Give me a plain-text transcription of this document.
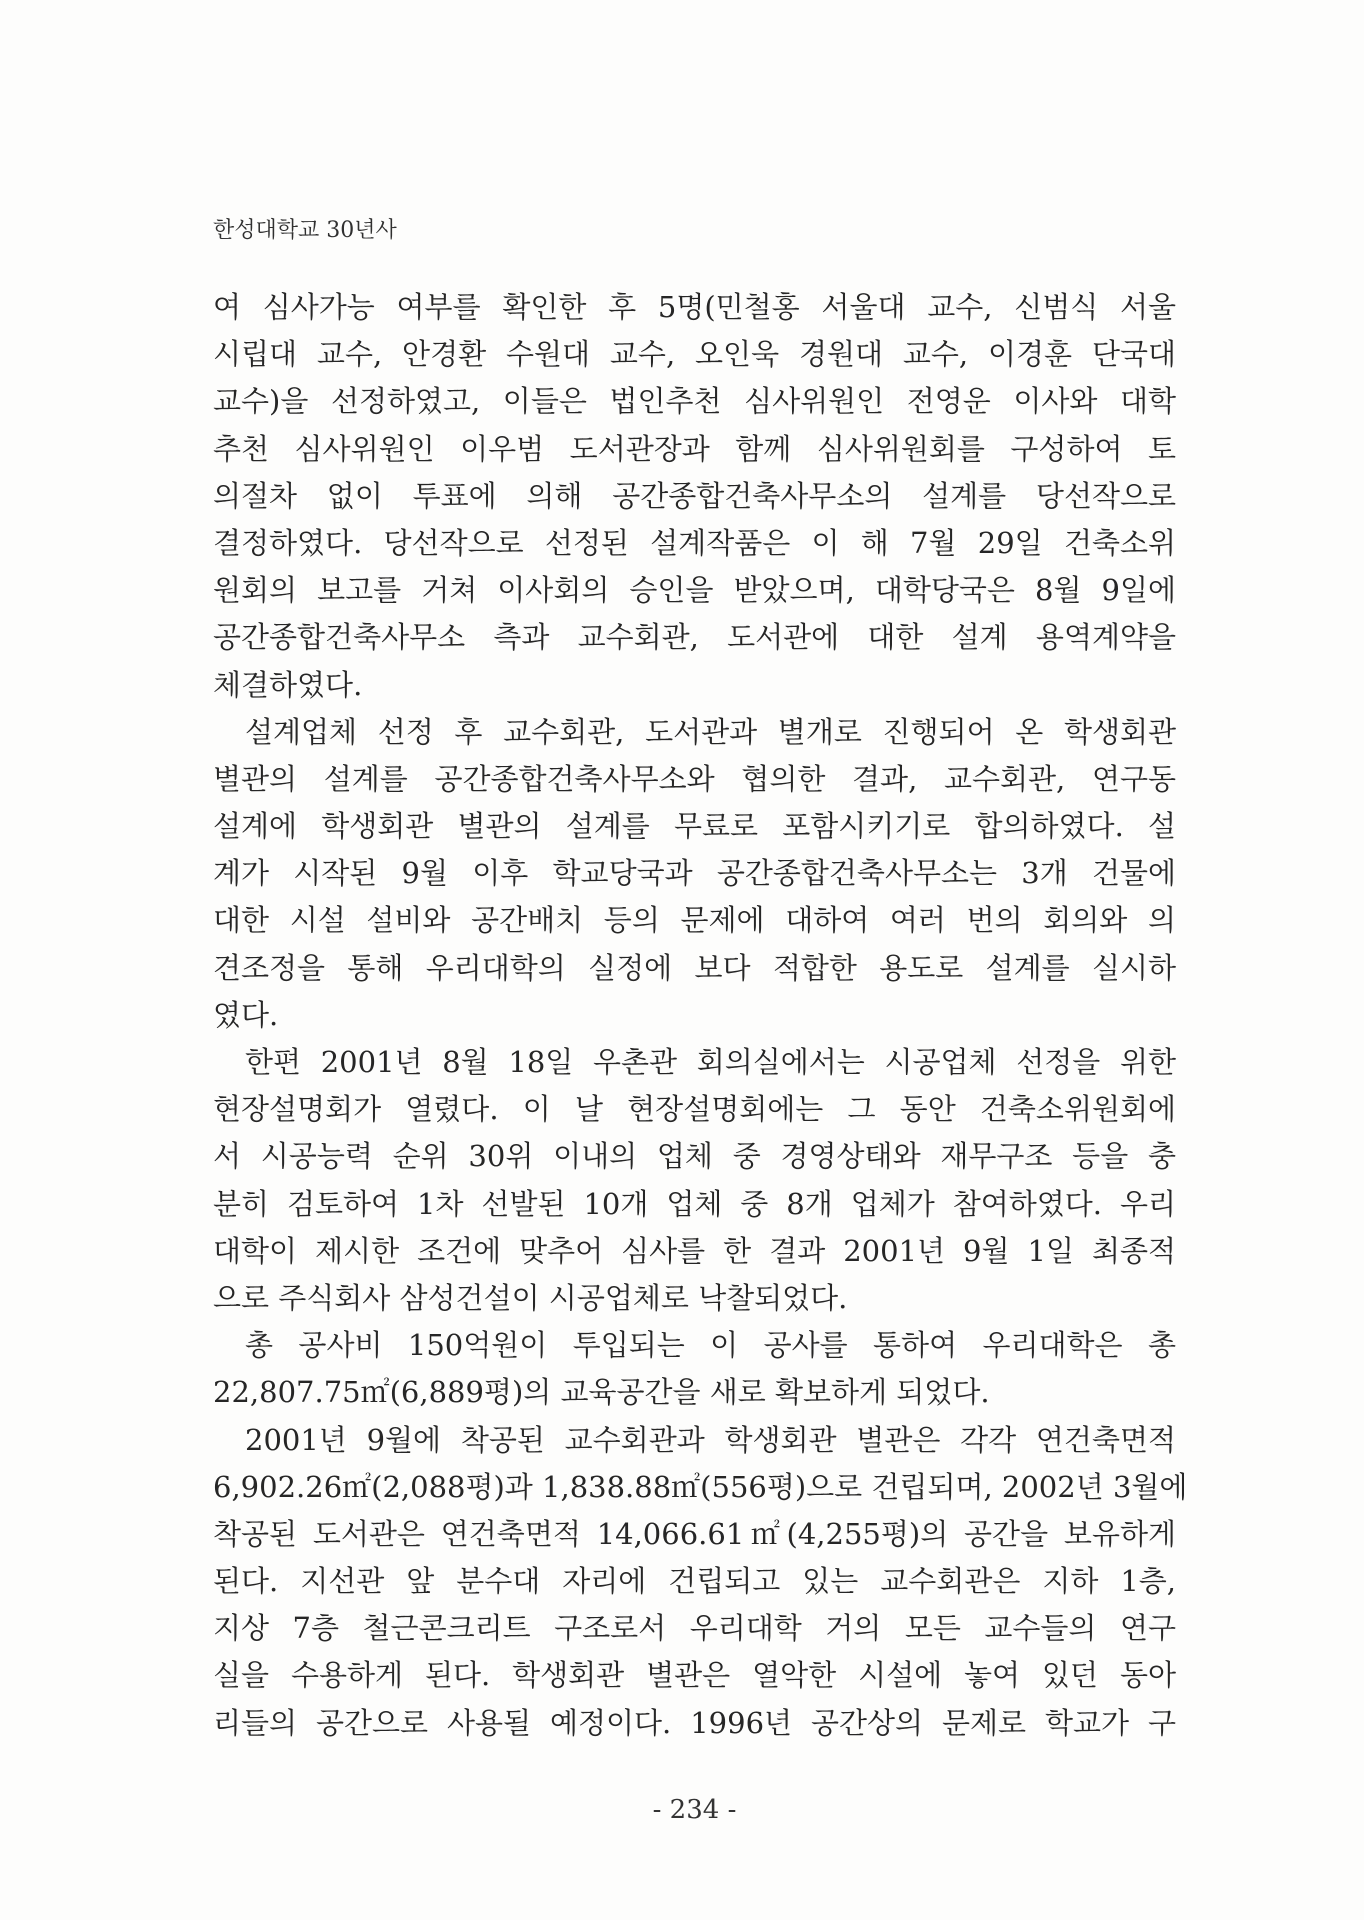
한성대학교 30년사
여 심사가능 여부를 확인한 후 5명(민철홍 서울대 교수, 신범식 서울
시립대 교수, 안경환 수원대 교수, 오인욱 경원대 교수, 이경훈 단국대
교수)을 선정하였고, 이들은 법인추천 심사위원인 전영운 이사와 대학
추천 심사위원인 이우범 도서관장과 함께 심사위원회를 구성하여 토
의절차 없이 투표에 의해 공간종합건축사무소의 설계를 당선작으로
결정하였다. 당선작으로 선정된 설계작품은 이 해 7월 29일 건축소위
원회의 보고를 거쳐 이사회의 승인을 받았으며, 대학당국은 8월 9일에
공간종합건축사무소 측과 교수회관, 도서관에 대한 설계 용역계약을
체결하였다.
설계업체 선정 후 교수회관, 도서관과 별개로 진행되어 온 학생회관
별관의 설계를 공간종합건축사무소와 협의한 결과, 교수회관, 연구동
설계에 학생회관 별관의 설계를 무료로 포함시키기로 합의하였다. 설
계가 시작된 9월 이후 학교당국과 공간종합건축사무소는 3개 건물에
대한 시설 설비와 공간배치 등의 문제에 대하여 여러 번의 회의와 의
견조정을 통해 우리대학의 실정에 보다 적합한 용도로 설계를 실시하
였다.
한편 2001년 8월 18일 우촌관 회의실에서는 시공업체 선정을 위한
현장설명회가 열렸다. 이 날 현장설명회에는 그 동안 건축소위원회에
서 시공능력 순위 30위 이내의 업체 중 경영상태와 재무구조 등을 충
분히 검토하여 1차 선발된 10개 업체 중 8개 업체가 참여하였다. 우리
대학이 제시한 조건에 맞추어 심사를 한 결과 2001년 9월 1일 최종적
으로 주식회사 삼성건설이 시공업체로 낙찰되었다.
총 공사비 150억원이 투입되는 이 공사를 통하여 우리대학은 총
22,807.75㎡(6,889평)의 교육공간을 새로 확보하게 되었다.
2001년 9월에 착공된 교수회관과 학생회관 별관은 각각 연건축면적
6,902.26㎡(2,088평)과 1,838.88㎡(556평)으로 건립되며, 2002년 3월에
착공된 도서관은 연건축면적 14,066.61㎡(4,255평)의 공간을 보유하게
된다. 지선관 앞 분수대 자리에 건립되고 있는 교수회관은 지하 1층,
지상 7층 철근콘크리트 구조로서 우리대학 거의 모든 교수들의 연구
실을 수용하게 된다. 학생회관 별관은 열악한 시설에 놓여 있던 동아
리들의 공간으로 사용될 예정이다. 1996년 공간상의 문제로 학교가 구
- 234 -
